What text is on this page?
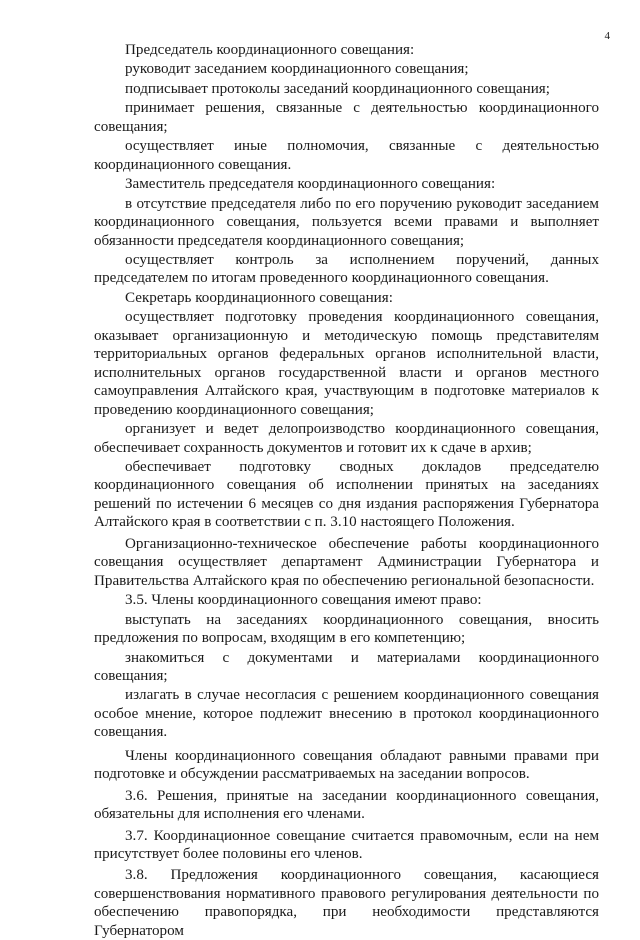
4

Председатель координационного совещания:

руководит заседанием координационного совещания;

подписывает протоколы заседаний координационного совещания;

принимает решения, связанные с деятельностью координационного совещания;

осуществляет иные полномочия, связанные с деятельностью координационного совещания.

Заместитель председателя координационного совещания:

в отсутствие председателя либо по его поручению руководит заседанием координационного совещания, пользуется всеми правами и выполняет обязанности председателя координационного совещания;

осуществляет контроль за исполнением поручений, данных председателем по итогам проведенного координационного совещания.

Секретарь координационного совещания:

осуществляет подготовку проведения координационного совещания, оказывает организационную и методическую помощь представителям территориальных органов федеральных органов исполнительной власти, исполнительных органов государственной власти и органов местного самоуправления Алтайского края, участвующим в подготовке материалов к проведению координационного совещания;

организует и ведет делопроизводство координационного совещания, обеспечивает сохранность документов и готовит их к сдаче в архив;

обеспечивает подготовку сводных докладов председателю координационного совещания об исполнении принятых на заседаниях решений по истечении 6 месяцев со дня издания распоряжения Губернатора Алтайского края в соответствии с п. 3.10 настоящего Положения.

Организационно-техническое обеспечение работы координационного совещания осуществляет департамент Администрации Губернатора и Правительства Алтайского края по обеспечению региональной безопасности.

3.5. Члены координационного совещания имеют право:

выступать на заседаниях координационного совещания, вносить предложения по вопросам, входящим в его компетенцию;

знакомиться с документами и материалами координационного совещания;

излагать в случае несогласия с решением координационного совещания особое мнение, которое подлежит внесению в протокол координационного совещания.

Члены координационного совещания обладают равными правами при подготовке и обсуждении рассматриваемых на заседании вопросов.

3.6. Решения, принятые на заседании координационного совещания, обязательны для исполнения его членами.

3.7. Координационное совещание считается правомочным, если на нем присутствует более половины его членов.

3.8. Предложения координационного совещания, касающиеся совершенствования нормативного правового регулирования деятельности по обеспечению правопорядка, при необходимости представляются Губернатором
